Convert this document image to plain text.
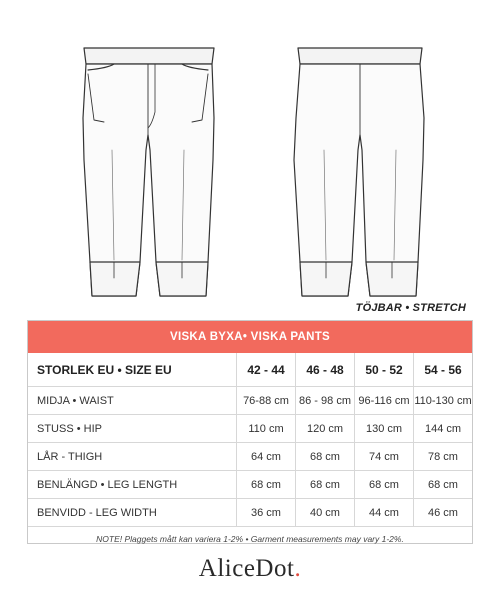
TÖJBAR • STRETCH
VISKA BYXA• VISKA PANTS
STORLEK EU • SIZE EU	42 - 44	46 - 48	50 - 52	54 - 56
MIDJA • WAIST	76-88 cm	86 - 98 cm	96-116 cm	110-130 cm
STUSS • HIP	110 cm	120 cm	130 cm	144 cm
LÅR - THIGH	64 cm	68 cm	74 cm	78 cm
BENLÄNGD • LEG LENGTH	68 cm	68 cm	68 cm	68 cm
BENVIDD - LEG WIDTH	36 cm	40 cm	44 cm	46 cm
NOTE! Plaggets mått kan variera 1-2% • Garment measurements may vary 1-2%.
AliceDot.
